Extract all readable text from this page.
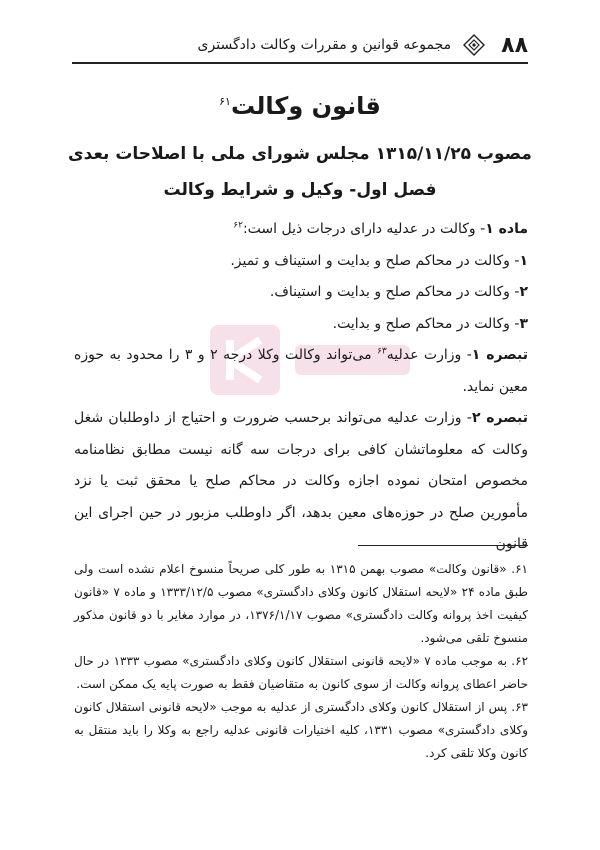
۸۸
مجموعه قوانین و مقررات وکالت دادگستری
قانون وکالت$^{۶۱}$
مصوب ۱۳۱۵/۱۱/۲۵ مجلس شورای ملی با اصلاحات بعدی
فصل اول- وکیل و شرایط وکالت

ماده ۱- وکالت در عدلیه دارای درجات ذیل است:$^{۶۲}$

۱- وکالت در محاکم صلح و بدایت و استیناف و تمیز.

۲- وکالت در محاکم صلح و بدایت و استیناف.

۳- وکالت در محاکم صلح و بدایت.

تبصره ۱- وزارت عدلیه$^{۶۳}$ می‌تواند وکالت وکلا درجه ۲ و ۳ را محدود به حوزه معین نماید.

تبصره ۲- وزارت عدلیه می‌تواند برحسب ضرورت و احتیاج از داوطلبان شغل وکالت که معلوماتشان کافی برای درجات سه گانه نیست مطابق نظامنامه مخصوص امتحان نموده اجازه وکالت در محاکم صلح یا محقق ثبت یا نزد مأمورین صلح در حوزه‌های معین بدهد، اگر داوطلب مزبور در حین اجرای این قانون

۶۱. «قانون وکالت» مصوب بهمن ۱۳۱۵ به طور کلی صریحاً منسوخ اعلام نشده است ولی طبق ماده ۲۴ «لایحه استقلال کانون وکلای دادگستری» مصوب ۱۳۳۳/۱۲/۵ و ماده ۷ «قانون کیفیت اخذ پروانه وکالت دادگستری» مصوب ۱۳۷۶/۱/۱۷، در موارد مغایر با دو قانون مذکور منسوخ تلقی می‌شود.

۶۲. به موجب ماده ۷ «لایحه قانونی استقلال کانون وکلای دادگستری» مصوب ۱۳۳۳ در حال حاضر اعطای پروانه وکالت از سوی کانون به متقاضیان فقط به صورت پایه یک ممکن است.

۶۳. پس از استقلال کانون وکلای دادگستری از عدلیه به موجب «لایحه قانونی استقلال کانون وکلای دادگستری» مصوب ۱۳۳۱، کلیه اختیارات قانونی عدلیه راجع به وکلا را باید منتقل به کانون وکلا تلقی کرد.
